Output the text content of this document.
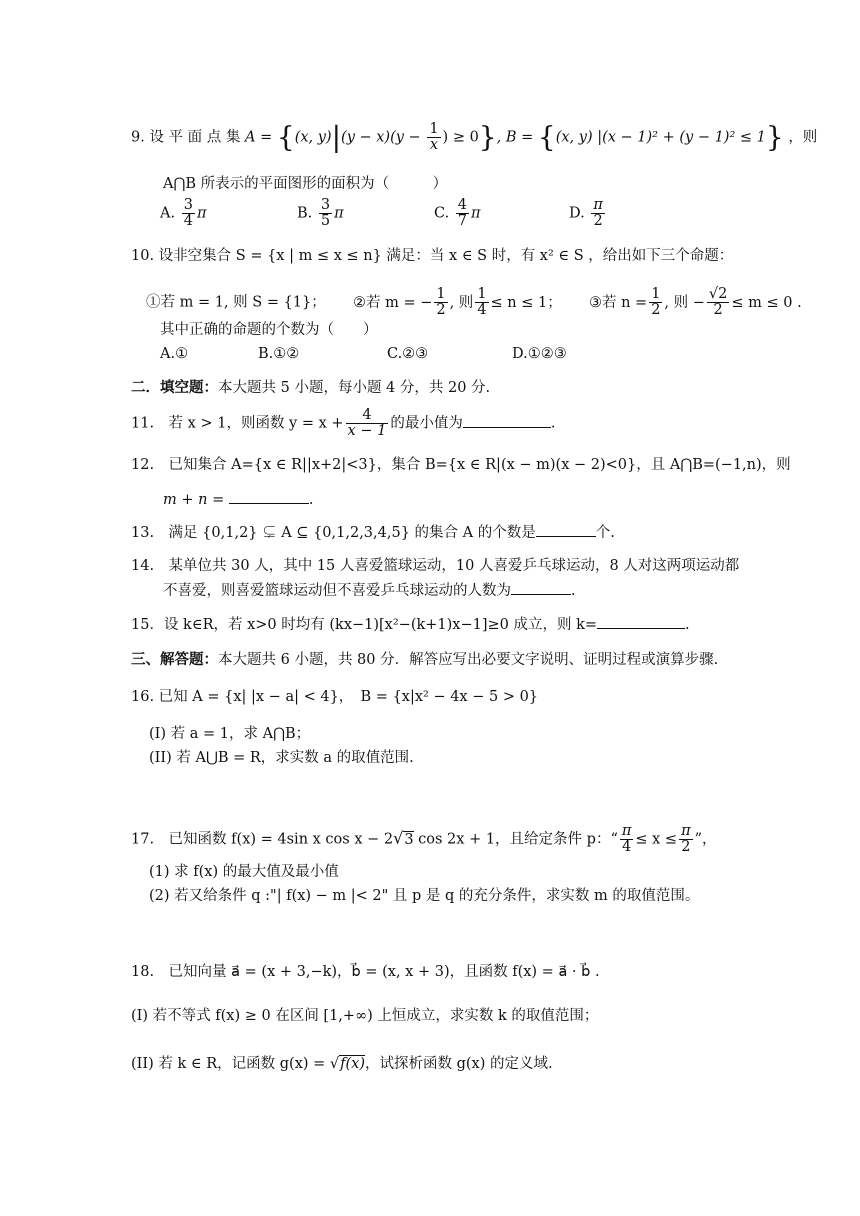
9. 设 平 面 点 集 A = {(x, $y)|(y - x)(y - \frac{1}{x}$ ) ≥ 0}, B = {(x, y) |(x − 1)² + (y − 1)² ≤ 1} ，则
A⋂B 所表示的平面图形的面积为（　　　）
A. $\frac{3}{4}$ π	B. $\frac{3}{5}$ π	C. $\frac{4}{7}$ π	D. $\frac{\pi}{2}$
10. 设非空集合 S = {x | m ≤ x ≤ n} 满足：当 x ∈ S 时，有 x² ∈ S ，给出如下三个命题：
①若 m = 1, 则 S = {1}； ②若 m = − $\frac{1}{2}$ , 则 $\frac{1}{4} \le n \le 1$； ③若 $n = \frac{1}{2}$ , 则 − $\frac{√2}{2} \le m \le 0$ .
其中正确的命题的个数为（　　）
A.①	B.①②	C.②③	D.①②③
二．填空题：本大题共 5 小题，每小题 4 分，共 20 分.
11.　若 x > 1，则函数 $y = x + \frac{4}{x - 1}$ 的最小值为	.
12.　已知集合 A={x ∈ R||x+2|<3}，集合 B={x ∈ R|(x − m)(x − 2)<0}，且 A⋂B=(−1,n)，则
m + n =	.
13.　满足 {0,1,2} ⊊ A ⊆ {0,1,2,3,4,5} 的集合 A 的个数是	个.
14.　某单位共 30 人，其中 15 人喜爱篮球运动，10 人喜爱乒乓球运动，8 人对这两项运动都
不喜爱，则喜爱篮球运动但不喜爱乒乓球运动的人数为	.
15．设 k∈R，若 x>0 时均有 (kx−1)[x²−(k+1)x−1]≥0 成立，则 k=	.
三、解答题：本大题共 6 小题，共 80 分．解答应写出必要文字说明、证明过程或演算步骤.
16. 已知 A = {x| |x − a| < 4}，　B = {x|x² − 4x − 5 > 0}
(I) 若 a = 1，求 A⋂B；
(II) 若 A⋃B = R，求实数 a 的取值范围.
17.　已知函数 f(x) = 4sin x cos x − 2√3 cos 2x + 1，且给定条件 p：“ $\frac{\pi}{4} \le x \le \frac{\pi}{2}$ ”，
(1) 求 f(x) 的最大值及最小值
(2) 若又给条件 q :"| f(x) − m |< 2" 且 p 是 q 的充分条件，求实数 m 的取值范围。
18.　已知向量 a⃗ = (x + 3,−k)，b⃗ = (x, x + 3)，且函数 f(x) = a⃗ · b⃗ .
(Ⅰ) 若不等式 f(x) ≥ 0 在区间 [1,+∞) 上恒成立，求实数 k 的取值范围；
(II) 若 k ∈ R，记函数 g(x) = √f(x)，试探析函数 g(x) 的定义域.
